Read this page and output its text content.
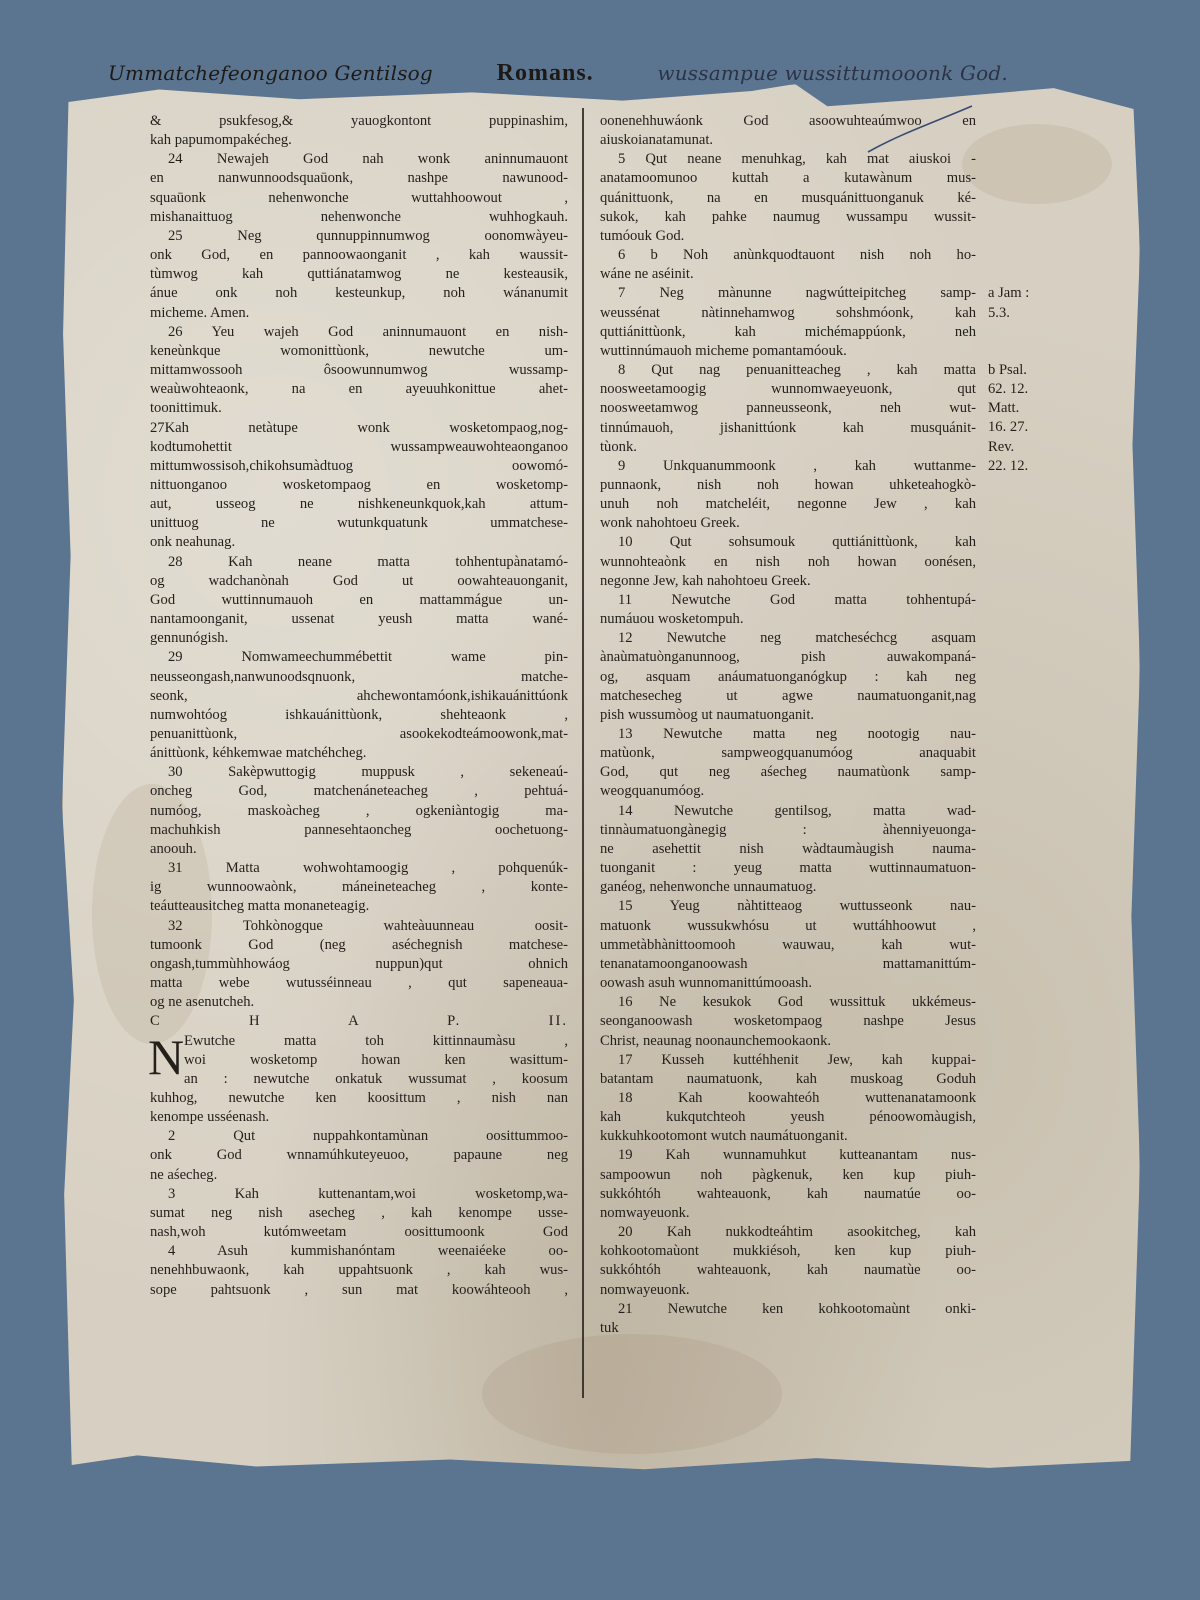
Ummatchefeonganoo Gentilsog	Romans.	wussampue wussittumooonk God.
& psukfesog,& yauogkontont puppinashim,
kah papumompakécheg.
24 Newajeh God nah wonk aninnumauont
en nanwunnoodsquaūonk, nashpe nawunood-
squaūonk nehenwonche wuttahhoowout ,
mishanaittuog nehenwonche wuhhogkauh.
25 Neg qunnuppinnumwog oonomwàyeu-
onk God, en pannoowaonganit , kah waussit-
tùmwog kah quttiánatamwog ne kesteausik,
ánue onk noh kesteunkup, noh wánanumit
micheme. Amen.
26 Yeu wajeh God aninnumauont en nish-
keneùnkque womonittùonk, newutche um-
mittamwossooh ôsoowunnumwog wussamp-
weaùwohteaonk, na en ayeuuhkonittue ahet-
toonittimuk.
27Kah netàtupe wonk wosketompaog,nog-
kodtumohettit wussampweauwohteaonganoo
mittumwossisoh,chikohsumàdtuog oowomó-
nittuonganoo wosketompaog en wosketomp-
aut, usseog ne nishkeneunkquok,kah attum-
unittuog ne wutunkquatunk ummatchese-
onk neahunag.
28 Kah neane matta tohhentupànatamó-
og wadchanònah God ut oowahteauonganit,
God wuttinnumauoh en mattammágue un-
nantamoonganit, ussenat yeush matta wané-
gennunógish.
29 Nomwameechummébettit wame pin-
neusseongash,nanwunoodsqnuonk, matche-
seonk, ahchewontamóonk,ishikauánittúonk
numwohtóog ishkauánittùonk, shehteaonk ,
penuanittùonk, asookekodteámoowonk,mat-
ánittùonk, kéhkemwae matchéhcheg.
30 Sakèpwuttogig muppusk , sekeneaú-
oncheg God, matchenáneteacheg , pehtuá-
numóog, maskoàcheg , ogkeniàntogig ma-
machuhkish pannesehtaoncheg oochetuong-
anoouh.
31 Matta wohwohtamoogig , pohquenúk-
ig wunnoowaònk, máneineteacheg , konte-
teáutteausitcheg matta monaneteagig.
32 Tohkònogque wahteàuunneau oosit-
tumoonk God (neg aséchegnish matchese-
ongash,tummùhhowáog nuppun)qut ohnich
matta webe wutusséinneau , qut sapeneaua-
og ne asenutcheh.
C H A P. II.
N Ewutche matta toh kittinnaumàsu ,
woi wosketomp howan ken wasittum-
an : newutche onkatuk wussumat , koosum
kuhhog, newutche ken koosittum , nish nan
kenompe usséenash.
2 Qut nuppahkontamùnan oosittummoo-
onk God wnnamúhkuteyeuoo, papaune neg
ne aśecheg.
3 Kah kuttenantam,woi wosketomp,wa-
sumat neg nish asecheg , kah kenompe usse-
nash,woh kutómweetam oosittumoonk God
4 Asuh kummishanóntam weenaiéeke oo-
nenehhbuwaonk, kah uppahtsuonk , kah wus-
sope pahtsuonk , sun mat koowáhteooh ,
oonenehhuwáonk God asoowuhteaúmwoo en
aiuskoianatamunat.
5 Qut neane menuhkag, kah mat aiuskoi -
anatamoomunoo kuttah a kutawànum mus-
quánittuonk, na en musquánittuonganuk ké-
sukok, kah pahke naumug wussampu wussit-
tumóouk God.
6 b Noh anùnkquodtauont nish noh ho-
wáne ne aséinit.
7 Neg mànunne nagwútteipitcheg samp-
weussénat nàtinnehamwog sohshmóonk, kah
quttiánittùonk, kah michémappúonk, neh
wuttinnúmauoh micheme pomantamóouk.
8 Qut nag penuanitteacheg , kah matta
noosweetamoogig wunnomwaeyeuonk, qut
noosweetamwog panneusseonk, neh wut-
tinnúmauoh, jishanittúonk kah musquánit-
tùonk.
9 Unkquanummoonk , kah wuttanme-
punnaonk, nish noh howan uhketeahogkò-
unuh noh matcheléit, negonne Jew , kah
wonk nahohtoeu Greek.
10 Qut sohsumouk quttiánittùonk, kah
wunnohteaònk en nish noh howan oonésen,
negonne Jew, kah nahohtoeu Greek.
11 Newutche God matta tohhentupá-
numáuou wosketompuh.
12 Newutche neg matcheséchcg asquam
ànaùmatuònganunnoog, pish auwakompaná-
og, asquam anáumatuonganógkup : kah neg
matchesecheg ut agwe naumatuonganit,nag
pish wussumòog ut naumatuonganit.
13 Newutche matta neg nootogig nau-
matùonk, sampweogquanumóog anaquabit
God, qut neg aśecheg naumatùonk samp-
weogquanumóog.
14 Newutche gentilsog, matta wad-
tinnàumatuongànegig : àhenniyeuonga-
ne asehettit nish wàdtaumàugish naumа-
tuonganit : yeug matta wuttinnaumatuon-
ganéog, nehenwonche unnaumatuog.
15 Yeug nàhtitteaog wuttusseonk nau-
matuonk wussukwhósu ut wuttáhhoowut ,
ummetàbhànittoomooh wauwau, kah wut-
tenanatamoonganoowash mattamanittúm-
oowash asuh wunnomanittúmooash.
16 Ne kesukok God wussittuk ukkémeus-
seonganoowash wosketompaog nashpe Jesus
Christ, neaunag noonaunchemookaonk.
17 Kusseh kuttéhhenit Jew, kah kuppai-
batantam naumatuonk, kah muskoag Goduh
18 Kah koowahteóh wuttenanatamoonk
kah kukqutchteoh yeush pénoowomàugish,
kukkuhkootomont wutch naumátuonganit.
19 Kah wunnamuhkut kutteanantam nus-
sampoowun noh pàgkenuk, ken kup piuh-
sukkóhtóh wahteauonk, kah naumatúe oo-
nomwayeuonk.
20 Kah nukkodteáhtim asookitcheg, kah
kohkootomaùont mukkiésoh, ken kup piuh-
sukkóhtóh wahteauonk, kah naumatùe oo-
nomwayeuonk.
21 Newutche ken kohkootomaùnt onki-
tuk
a Jam :
5.3.
b Psal.
62. 12.
Matt.
16. 27.
Rev.
22. 12.
